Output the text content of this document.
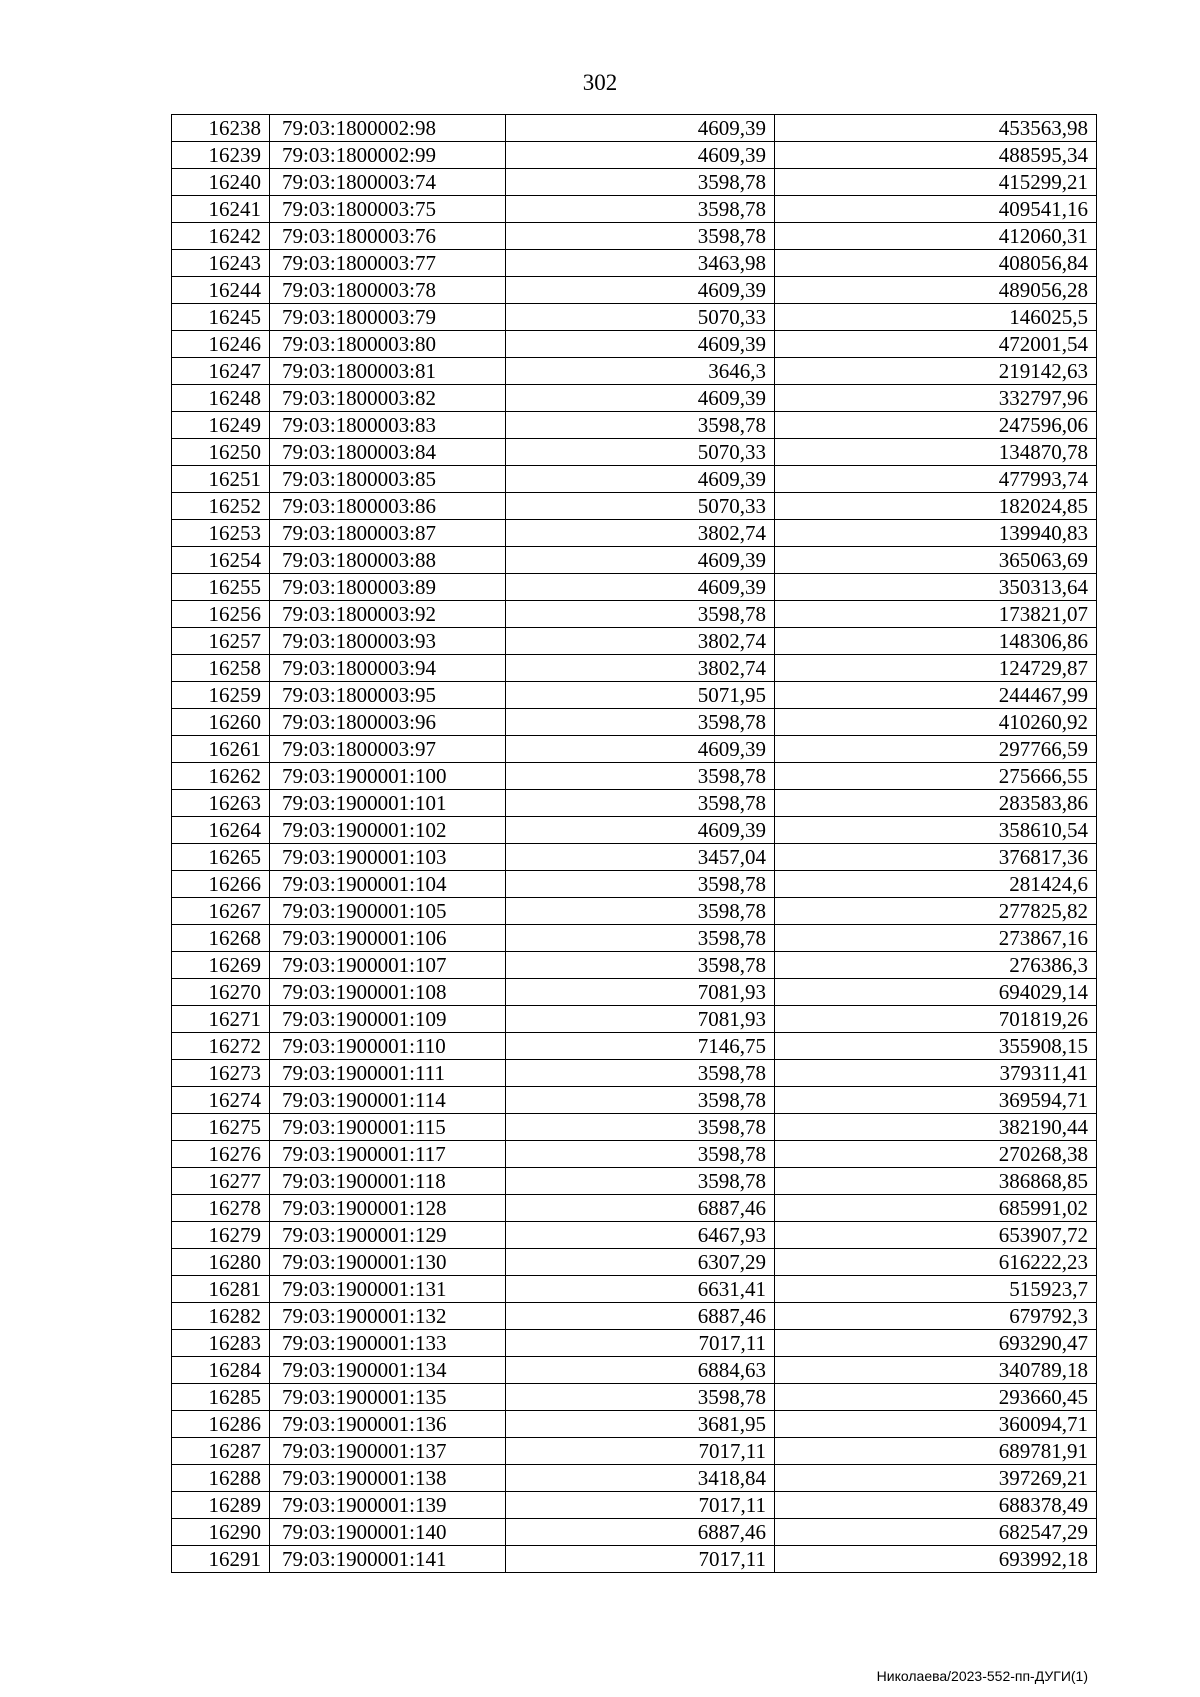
302
16238	79:03:1800002:98	4609,39	453563,98
16239	79:03:1800002:99	4609,39	488595,34
16240	79:03:1800003:74	3598,78	415299,21
16241	79:03:1800003:75	3598,78	409541,16
16242	79:03:1800003:76	3598,78	412060,31
16243	79:03:1800003:77	3463,98	408056,84
16244	79:03:1800003:78	4609,39	489056,28
16245	79:03:1800003:79	5070,33	146025,5
16246	79:03:1800003:80	4609,39	472001,54
16247	79:03:1800003:81	3646,3	219142,63
16248	79:03:1800003:82	4609,39	332797,96
16249	79:03:1800003:83	3598,78	247596,06
16250	79:03:1800003:84	5070,33	134870,78
16251	79:03:1800003:85	4609,39	477993,74
16252	79:03:1800003:86	5070,33	182024,85
16253	79:03:1800003:87	3802,74	139940,83
16254	79:03:1800003:88	4609,39	365063,69
16255	79:03:1800003:89	4609,39	350313,64
16256	79:03:1800003:92	3598,78	173821,07
16257	79:03:1800003:93	3802,74	148306,86
16258	79:03:1800003:94	3802,74	124729,87
16259	79:03:1800003:95	5071,95	244467,99
16260	79:03:1800003:96	3598,78	410260,92
16261	79:03:1800003:97	4609,39	297766,59
16262	79:03:1900001:100	3598,78	275666,55
16263	79:03:1900001:101	3598,78	283583,86
16264	79:03:1900001:102	4609,39	358610,54
16265	79:03:1900001:103	3457,04	376817,36
16266	79:03:1900001:104	3598,78	281424,6
16267	79:03:1900001:105	3598,78	277825,82
16268	79:03:1900001:106	3598,78	273867,16
16269	79:03:1900001:107	3598,78	276386,3
16270	79:03:1900001:108	7081,93	694029,14
16271	79:03:1900001:109	7081,93	701819,26
16272	79:03:1900001:110	7146,75	355908,15
16273	79:03:1900001:111	3598,78	379311,41
16274	79:03:1900001:114	3598,78	369594,71
16275	79:03:1900001:115	3598,78	382190,44
16276	79:03:1900001:117	3598,78	270268,38
16277	79:03:1900001:118	3598,78	386868,85
16278	79:03:1900001:128	6887,46	685991,02
16279	79:03:1900001:129	6467,93	653907,72
16280	79:03:1900001:130	6307,29	616222,23
16281	79:03:1900001:131	6631,41	515923,7
16282	79:03:1900001:132	6887,46	679792,3
16283	79:03:1900001:133	7017,11	693290,47
16284	79:03:1900001:134	6884,63	340789,18
16285	79:03:1900001:135	3598,78	293660,45
16286	79:03:1900001:136	3681,95	360094,71
16287	79:03:1900001:137	7017,11	689781,91
16288	79:03:1900001:138	3418,84	397269,21
16289	79:03:1900001:139	7017,11	688378,49
16290	79:03:1900001:140	6887,46	682547,29
16291	79:03:1900001:141	7017,11	693992,18
Николаева/2023-552-пп-ДУГИ(1)
